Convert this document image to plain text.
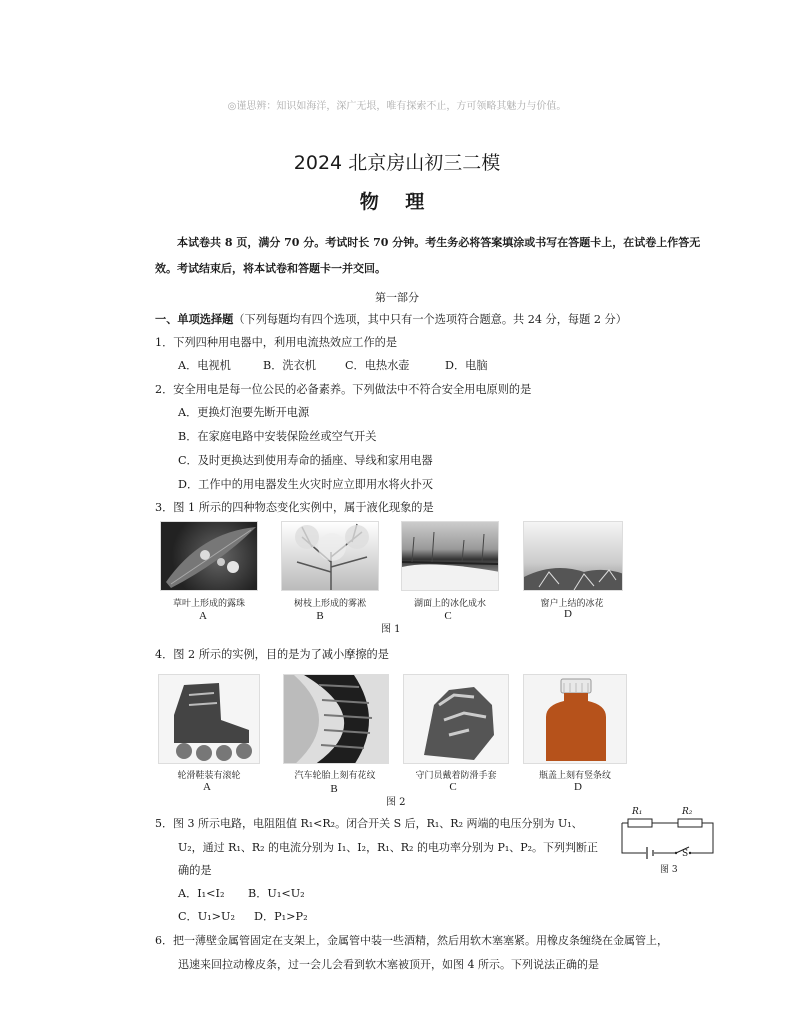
◎谨思辨：知识如海洋，深广无垠，唯有探索不止，方可领略其魅力与价值。
2024 北京房山初三二模
物 理
本试卷共 8 页，满分 70 分。考试时长 70 分钟。考生务必将答案填涂或书写在答题卡上，在试卷上作答无效。考试结束后，将本试卷和答题卡一并交回。
第一部分
一、单项选择题（下列每题均有四个选项，其中只有一个选项符合题意。共 24 分，每题 2 分）
1．下列四种用电器中，利用电流热效应工作的是
A．电视机	B．洗衣机	C．电热水壶	D．电脑
2．安全用电是每一位公民的必备素养。下列做法中不符合安全用电原则的是
A．更换灯泡要先断开电源
B．在家庭电路中安装保险丝或空气开关
C．及时更换达到使用寿命的插座、导线和家用电器
D．工作中的用电器发生火灾时应立即用水将火扑灭
3．图 1 所示的四种物态变化实例中，属于液化现象的是
草叶上形成的露珠	树枝上形成的雾凇	湖面上的冰化成水	窗户上结的冰花
A	B	C	D
图 1
4．图 2 所示的实例，目的是为了减小摩擦的是
轮滑鞋装有滚轮	汽车轮胎上刻有花纹	守门员戴着防滑手套	瓶盖上刻有竖条纹
A	B	C	D
图 2
5．图 3 所示电路，电阻阻值 R₁<R₂。闭合开关 S 后，R₁、R₂ 两端的电压分别为 U₁、
U₂，通过 R₁、R₂ 的电流分别为 I₁、I₂，R₁、R₂ 的电功率分别为 P₁、P₂。下列判断正
确的是
A．I₁<I₂ B．U₁<U₂
C．U₁>U₂ D．P₁>P₂
R₁	R₂
S
图 3
6．把一薄壁金属管固定在支架上，金属管中装一些酒精，然后用软木塞塞紧。用橡皮条缠绕在金属管上，
迅速来回拉动橡皮条，过一会儿会看到软木塞被顶开，如图 4 所示。下列说法正确的是
